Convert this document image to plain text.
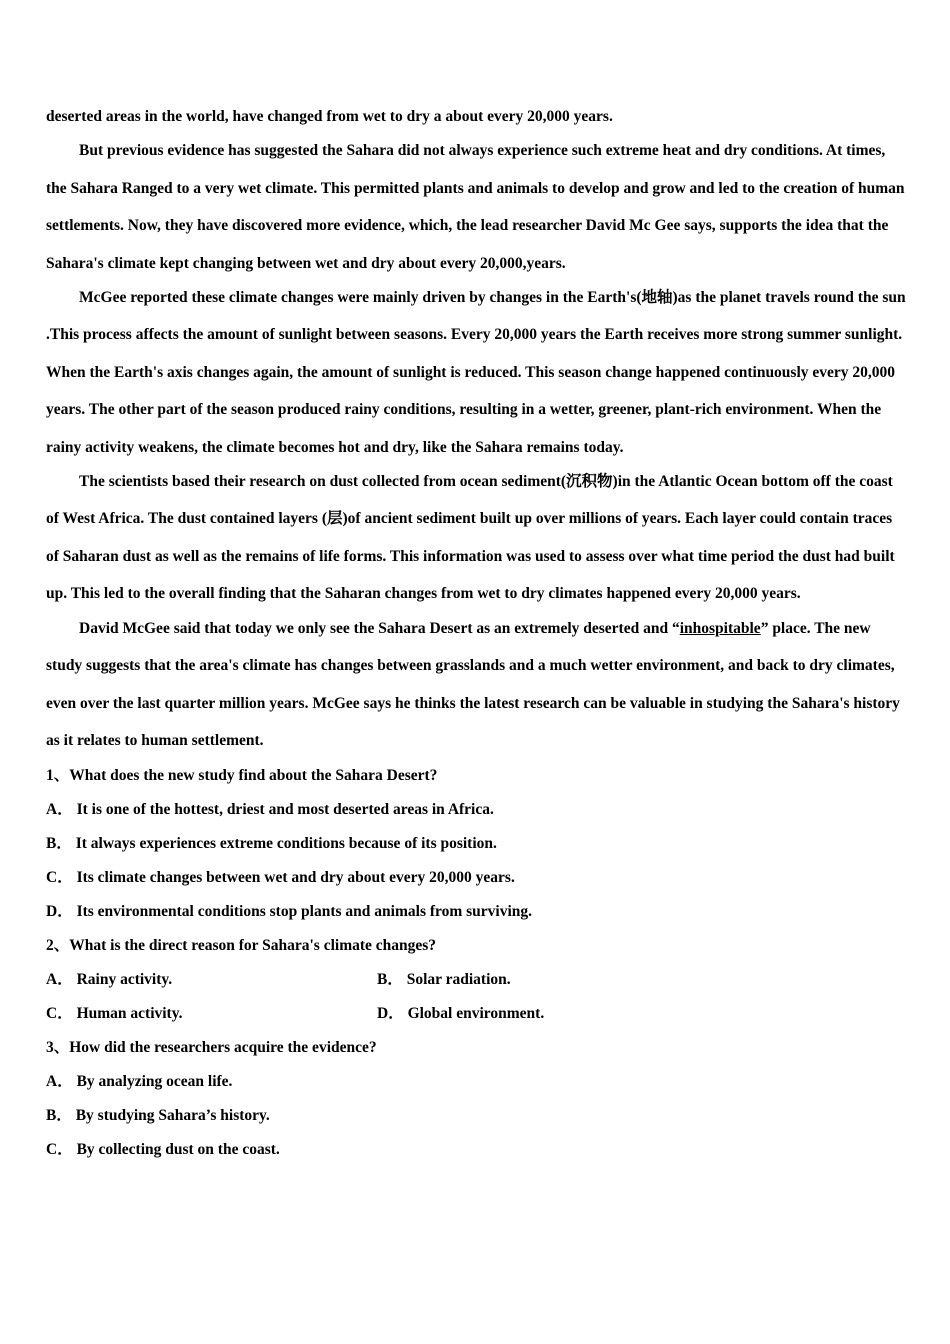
deserted areas in the world, have changed from wet to dry a about every 20,000 years.

But previous evidence has suggested the Sahara did not always experience such extreme heat and dry conditions. At times, the Sahara Ranged to a very wet climate. This permitted plants and animals to develop and grow and led to the creation of human settlements. Now, they have discovered more evidence, which, the lead researcher David Mc Gee says, supports the idea that the Sahara's climate kept changing between wet and dry about every 20,000,years.

McGee reported these climate changes were mainly driven by changes in the Earth's(地轴)as the planet travels round the sun .This process affects the amount of sunlight between seasons. Every 20,000 years the Earth receives more strong summer sunlight. When the Earth's axis changes again, the amount of sunlight is reduced. This season change happened continuously every 20,000 years. The other part of the season produced rainy conditions, resulting in a wetter, greener, plant-rich environment. When the rainy activity weakens, the climate becomes hot and dry, like the Sahara remains today.

The scientists based their research on dust collected from ocean sediment(沉积物)in the Atlantic Ocean bottom off the coast of West Africa. The dust contained layers (层)of ancient sediment built up over millions of years. Each layer could contain traces of Saharan dust as well as the remains of life forms. This information was used to assess over what time period the dust had built up. This led to the overall finding that the Saharan changes from wet to dry climates happened every 20,000 years.

David McGee said that today we only see the Sahara Desert as an extremely deserted and “inhospitable” place. The new study suggests that the area's climate has changes between grasslands and a much wetter environment, and back to dry climates, even over the last quarter million years. McGee says he thinks the latest research can be valuable in studying the Sahara's history as it relates to human settlement.

1、What does the new study find about the Sahara Desert?

A． It is one of the hottest, driest and most deserted areas in Africa.

B． It always experiences extreme conditions because of its position.

C． Its climate changes between wet and dry about every 20,000 years.

D． Its environmental conditions stop plants and animals from surviving.

2、What is the direct reason for Sahara's climate changes?

A． Rainy activity.	B． Solar radiation.
C． Human activity.	D． Global environment.

3、How did the researchers acquire the evidence?

A． By analyzing ocean life.

B． By studying Sahara’s history.

C． By collecting dust on the coast.
